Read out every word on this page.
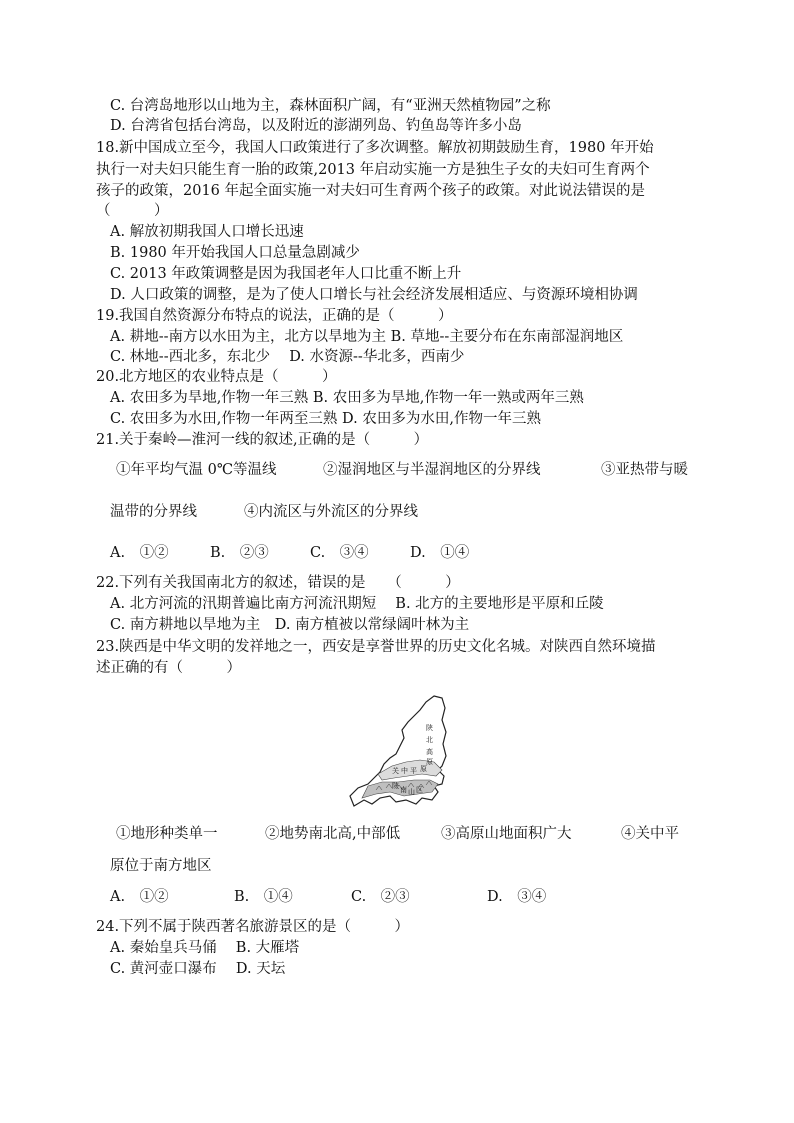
C. 台湾岛地形以山地为主，森林面积广阔，有“亚洲天然植物园”之称
D. 台湾省包括台湾岛，以及附近的澎湖列岛、钓鱼岛等许多小岛
18.新中国成立至今，我国人口政策进行了多次调整。解放初期鼓励生育，1980 年开始
执行一对夫妇只能生育一胎的政策,2013 年启动实施一方是独生子女的夫妇可生育两个
孩子的政策，2016 年起全面实施一对夫妇可生育两个孩子的政策。对此说法错误的是
（　　　）
A. 解放初期我国人口增长迅速
B. 1980 年开始我国人口总量急剧减少
C. 2013 年政策调整是因为我国老年人口比重不断上升
D. 人口政策的调整，是为了使人口增长与社会经济发展相适应、与资源环境相协调
19.我国自然资源分布特点的说法，正确的是（　　　）
A. 耕地--南方以水田为主，北方以旱地为主 B. 草地--主要分布在东南部湿润地区
C. 林地--西北多，东北少　 D. 水资源--华北多，西南少
20.北方地区的农业特点是（　　　）
A. 农田多为旱地,作物一年三熟 B. 农田多为旱地,作物一年一熟或两年三熟
C. 农田多为水田,作物一年两至三熟 D. 农田多为水田,作物一年三熟
21.关于秦岭—淮河一线的叙述,正确的是（　　　）
①年平均气温 0℃等温线	②湿润地区与半湿润地区的分界线	③亚热带与暖
温带的分界线	④内流区与外流区的分界线
A.　①②	B.　②③	C.　③④	D.　①④
22.下列有关我国南北方的叙述，错误的是　　（　　　）
A. 北方河流的汛期普遍比南方河流汛期短　 B. 北方的主要地形是平原和丘陵
C. 南方耕地以旱地为主　D. 南方植被以常绿阔叶林为主
23.陕西是中华文明的发祥地之一，西安是享誉世界的历史文化名城。对陕西自然环境描
述正确的有（　　　）
陕
北
高
原
关 中 平 原
陕 南 山 区
①地形种类单一	②地势南北高,中部低	③高原山地面积广大	④关中平
原位于南方地区
A.　①②	B.　①④	C.　②③	D.　③④
24.下列不属于陕西著名旅游景区的是（　　　）
A. 秦始皇兵马俑　 B. 大雁塔
C. 黄河壶口瀑布　 D. 天坛
